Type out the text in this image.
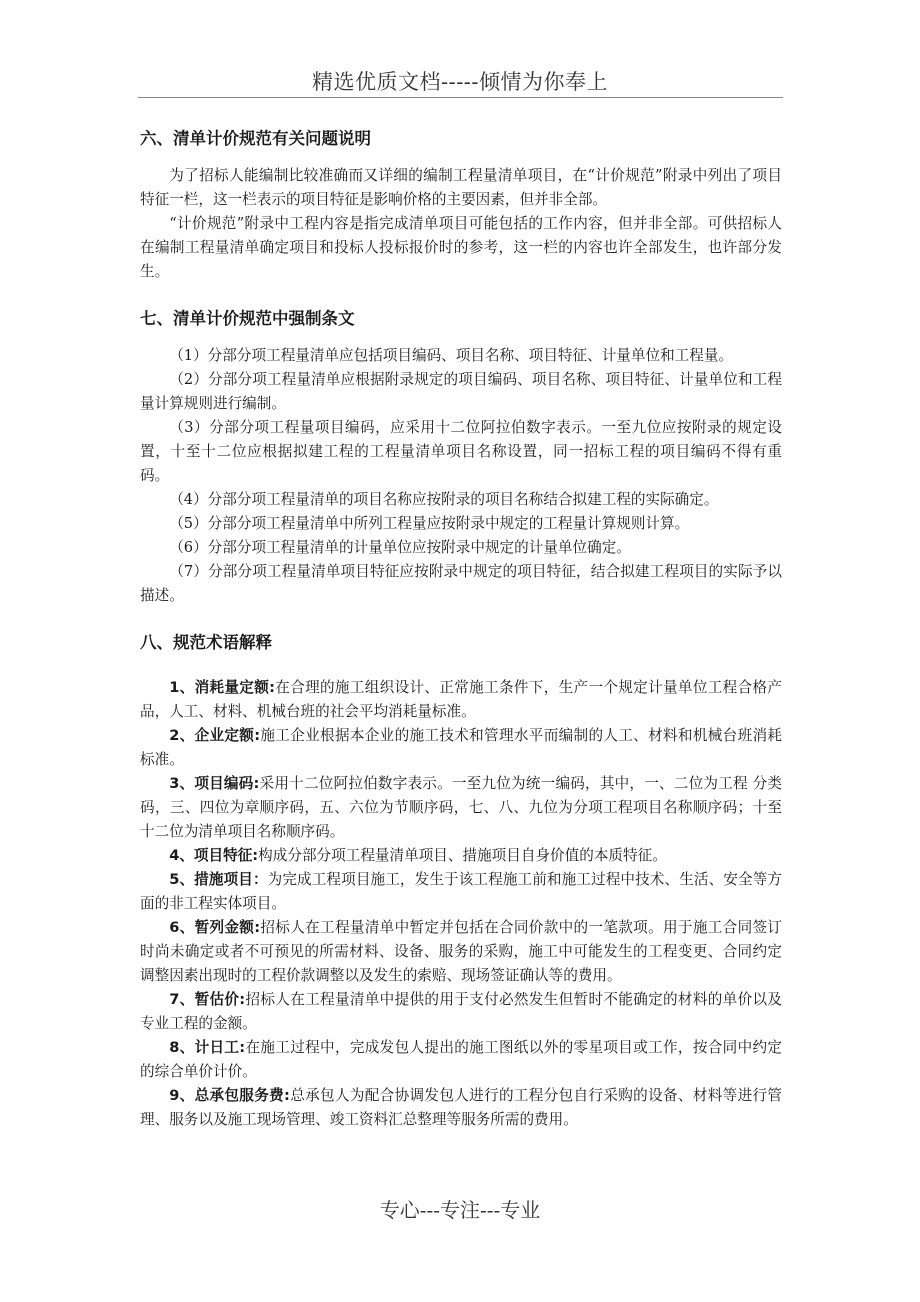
精选优质文档-----倾情为你奉上
六、清单计价规范有关问题说明

为了招标人能编制比较准确而又详细的编制工程量清单项目，在“计价规范”附录中列出了项目特征一栏，这一栏表示的项目特征是影响价格的主要因素，但并非全部。

“计价规范”附录中工程内容是指完成清单项目可能包括的工作内容，但并非全部。可供招标人在编制工程量清单确定项目和投标人投标报价时的参考，这一栏的内容也许全部发生，也许部分发生。

七、清单计价规范中强制条文

（1）分部分项工程量清单应包括项目编码、项目名称、项目特征、计量单位和工程量。

（2）分部分项工程量清单应根据附录规定的项目编码、项目名称、项目特征、计量单位和工程量计算规则进行编制。

（3）分部分项工程量项目编码，应采用十二位阿拉伯数字表示。一至九位应按附录的规定设置，十至十二位应根据拟建工程的工程量清单项目名称设置，同一招标工程的项目编码不得有重码。

（4）分部分项工程量清单的项目名称应按附录的项目名称结合拟建工程的实际确定。

（5）分部分项工程量清单中所列工程量应按附录中规定的工程量计算规则计算。

（6）分部分项工程量清单的计量单位应按附录中规定的计量单位确定。

（7）分部分项工程量清单项目特征应按附录中规定的项目特征，结合拟建工程项目的实际予以描述。

八、规范术语解释

1、消耗量定额:在合理的施工组织设计、正常施工条件下，生产一个规定计量单位工程合格产品，人工、材料、机械台班的社会平均消耗量标准。

2、企业定额:施工企业根据本企业的施工技术和管理水平而编制的人工、材料和机械台班消耗标准。

3、项目编码:采用十二位阿拉伯数字表示。一至九位为统一编码，其中，一、二位为工程 分类码，三、四位为章顺序码，五、六位为节顺序码，七、八、九位为分项工程项目名称顺序码；十至十二位为清单项目名称顺序码。

4、项目特征:构成分部分项工程量清单项目、措施项目自身价值的本质特征。

5、措施项目：为完成工程项目施工，发生于该工程施工前和施工过程中技术、生活、安全等方面的非工程实体项目。

6、暂列金额:招标人在工程量清单中暂定并包括在合同价款中的一笔款项。用于施工合同签订时尚未确定或者不可预见的所需材料、设备、服务的采购，施工中可能发生的工程变更、合同约定调整因素出现时的工程价款调整以及发生的索赔、现场签证确认等的费用。

7、暂估价:招标人在工程量清单中提供的用于支付必然发生但暂时不能确定的材料的单价以及专业工程的金额。

8、计日工:在施工过程中，完成发包人提出的施工图纸以外的零星项目或工作，按合同中约定的综合单价计价。

9、总承包服务费:总承包人为配合协调发包人进行的工程分包自行采购的设备、材料等进行管理、服务以及施工现场管理、竣工资料汇总整理等服务所需的费用。

专心---专注---专业
